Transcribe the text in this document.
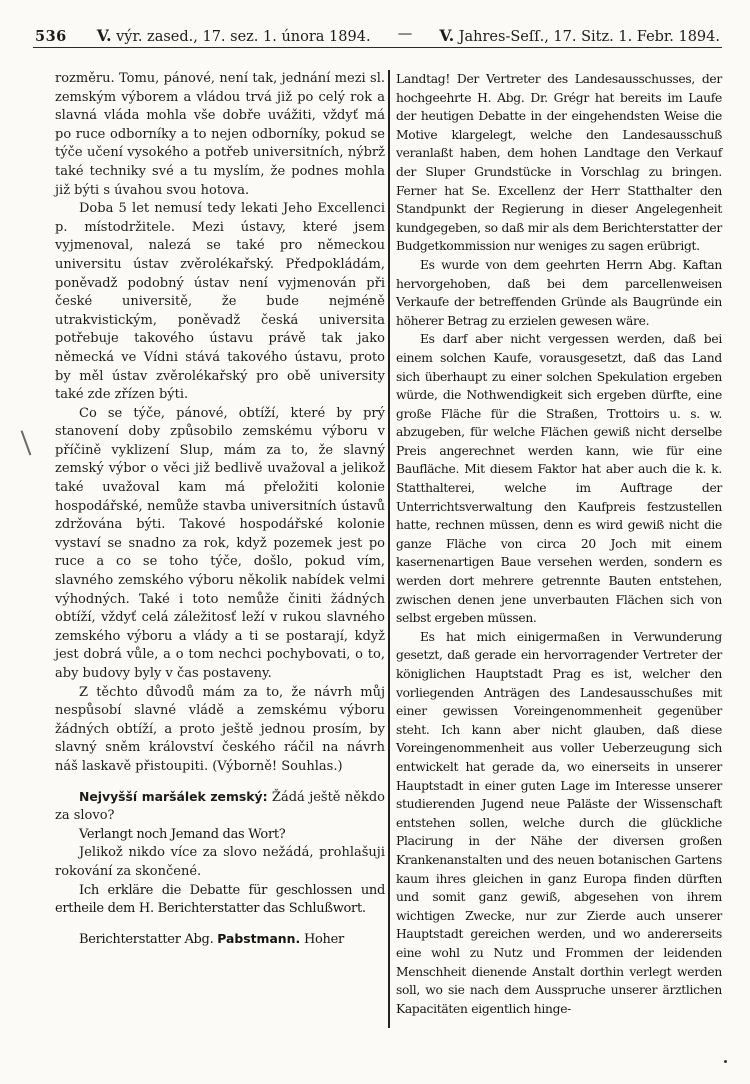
536 V. výr. zased., 17. sez. 1. února 1894. — V. Jahres-Seſſ., 17. Sitz. 1. Febr. 1894.

rozměru. Tomu, pánové, není tak, jednání mezi sl. zemským výborem a vládou trvá již po celý rok a slavná vláda mohla vše dobře uvážiti, vždyť má po ruce odborníky a to nejen odborníky, pokud se týče učení vysokého a potřeb universitních, nýbrž také techniky své a tu myslím, že podnes mohla již býti s úvahou svou hotova.

Doba 5 let nemusí tedy lekati Jeho Excellenci p. místodržitele. Mezi ústavy, které jsem vyjmenoval, nalezá se také pro německou universitu ústav zvěrolékařský. Předpokládám, poněvadž podobný ústav není vyjmenován při české universitě, že bude nejméně utrakvistickým, poněvadž česká universita potřebuje takového ústavu právě tak jako německá ve Vídni stává takového ústavu, proto by měl ústav zvěrolékařský pro obě university také zde zřízen býti.

Co se týče, pánové, obtíží, které by prý stanovení doby způsobilo zemskému výboru v příčině vyklizení Slup, mám za to, že slavný zemský výbor o věci již bedlivě uvažoval a jelikož také uvažoval kam má přeložiti kolonie hospodářské, nemůže stavba universitních ústavů zdržována býti. Takové hospodářské kolonie vystaví se snadno za rok, když pozemek jest po ruce a co se toho týče, došlo, pokud vím, slavného zemského výboru několik nabídek velmi výhodných. Také i toto nemůže činiti žádných obtíží, vždyť celá záležitosť leží v rukou slavného zemského výboru a vlády a ti se postarají, když jest dobrá vůle, a o tom nechci pochybovati, o to, aby budovy byly v čas postaveny.

Z těchto důvodů mám za to, že návrh můj nespůsobí slavné vládě a zemskému výboru žádných obtíží, a proto ještě jednou prosím, by slavný sněm království českého ráčil na návrh náš laskavě přistoupiti. (Výborně! Souhlas.)

Nejvyšší maršálek zemský: Žádá ještě někdo za slovo?

Verlangt noch Jemand das Wort?

Jelikož nikdo více za slovo nežádá, prohlašuji rokování za skončené.

Ich erkläre die Debatte für geschlossen und ertheile dem H. Berichterstatter das Schlußwort.

Berichterstatter Abg. Pabstmann. Hoher

Landtag! Der Vertreter des Landesausschusses, der hochgeehrte H. Abg. Dr. Grégr hat bereits im Laufe der heutigen Debatte in der eingehendsten Weise die Motive klargelegt, welche den Landesausschuß veranlaßt haben, dem hohen Landtage den Verkauf der Sluper Grundstücke in Vorschlag zu bringen. Ferner hat Se. Excellenz der Herr Statthalter den Standpunkt der Regierung in dieser Angelegenheit kundgegeben, so daß mir als dem Berichterstatter der Budgetkommission nur weniges zu sagen erübrigt.

Es wurde von dem geehrten Herrn Abg. Kaftan hervorgehoben, daß bei dem parcellenweisen Verkaufe der betreffenden Gründe als Baugründe ein höherer Betrag zu erzielen gewesen wäre.

Es darf aber nicht vergessen werden, daß bei einem solchen Kaufe, vorausgesetzt, daß das Land sich überhaupt zu einer solchen Spekulation ergeben würde, die Nothwendigkeit sich ergeben dürfte, eine große Fläche für die Straßen, Trottoirs u. s. w. abzugeben, für welche Flächen gewiß nicht derselbe Preis angerechnet werden kann, wie für eine Baufläche. Mit diesem Faktor hat aber auch die k. k. Statthalterei, welche im Auftrage der Unterrichtsverwaltung den Kaufpreis festzustellen hatte, rechnen müssen, denn es wird gewiß nicht die ganze Fläche von circa 20 Joch mit einem kasernenartigen Baue versehen werden, sondern es werden dort mehrere getrennte Bauten entstehen, zwischen denen jene unverbauten Flächen sich von selbst ergeben müssen.

Es hat mich einigermaßen in Verwunderung gesetzt, daß gerade ein hervorragender Vertreter der königlichen Hauptstadt Prag es ist, welcher den vorliegenden Anträgen des Landesausschußes mit einer gewissen Voreingenommenheit gegenüber steht. Ich kann aber nicht glauben, daß diese Voreingenommenheit aus voller Ueberzeugung sich entwickelt hat gerade da, wo einerseits in unserer Hauptstadt in einer guten Lage im Interesse unserer studierenden Jugend neue Paläste der Wissenschaft entstehen sollen, welche durch die glückliche Placirung in der Nähe der diversen großen Krankenanstalten und des neuen botanischen Gartens kaum ihres gleichen in ganz Europa finden dürften und somit ganz gewiß, abgesehen von ihrem wichtigen Zwecke, nur zur Zierde auch unserer Hauptstadt gereichen werden, und wo andererseits eine wohl zu Nutz und Frommen der leidenden Menschheit dienende Anstalt dorthin verlegt werden soll, wo sie nach dem Ausspruche unserer ärztlichen Kapacitäten eigentlich hinge-
